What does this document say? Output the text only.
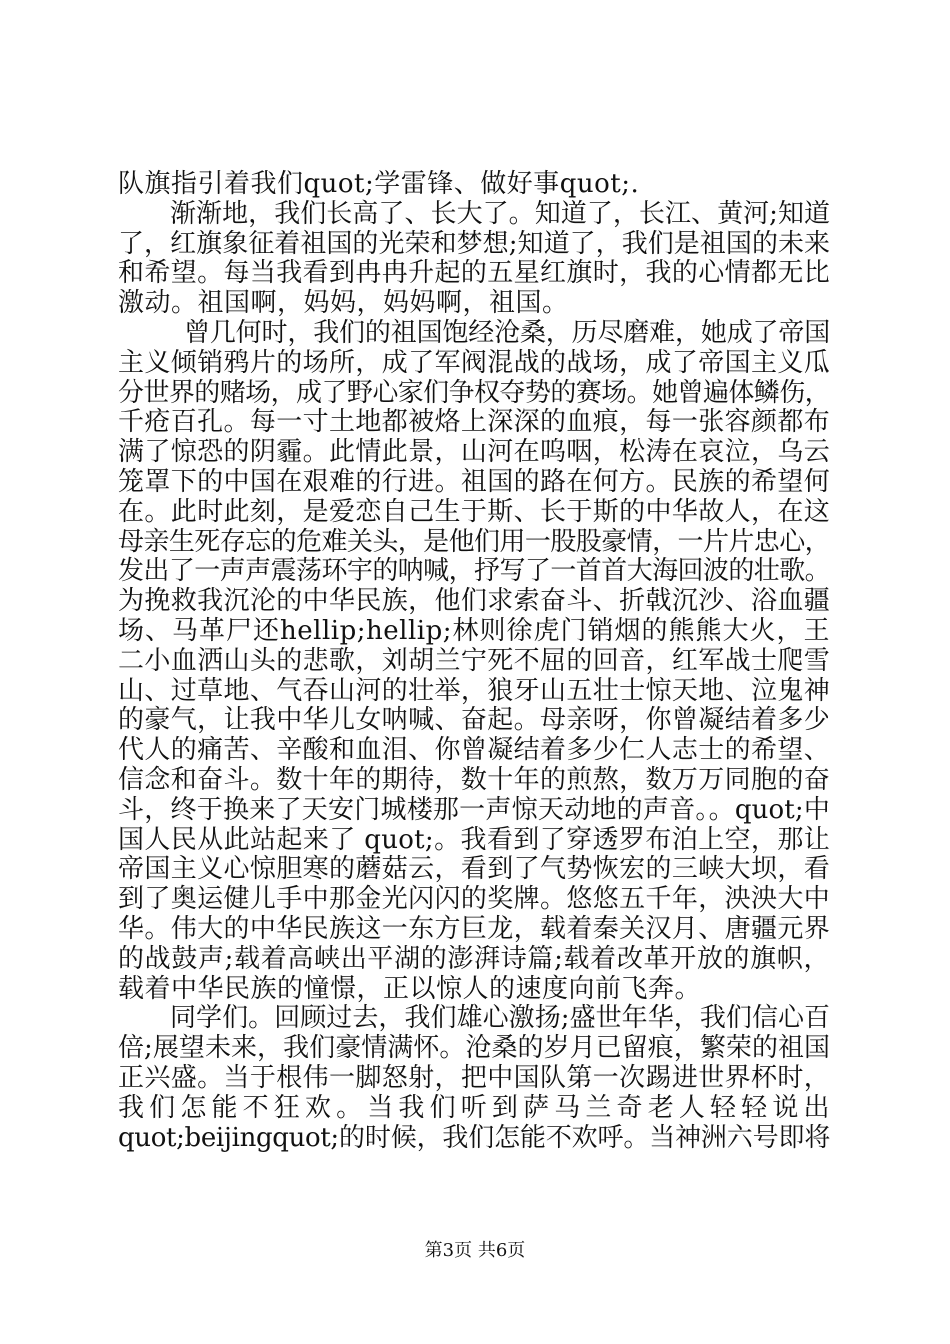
队旗指引着我们quot;学雷锋、做好事quot;.
渐渐地，我们长高了、长大了。知道了，长江、黄河;知道
了，红旗象征着祖国的光荣和梦想;知道了，我们是祖国的未来
和希望。每当我看到冉冉升起的五星红旗时，我的心情都无比
激动。祖国啊，妈妈，妈妈啊，祖国。
曾几何时，我们的祖国饱经沧桑，历尽磨难，她成了帝国
主义倾销鸦片的场所，成了军阀混战的战场，成了帝国主义瓜
分世界的赌场，成了野心家们争权夺势的赛场。她曾遍体鳞伤，
千疮百孔。每一寸土地都被烙上深深的血痕，每一张容颜都布
满了惊恐的阴霾。此情此景，山河在呜咽，松涛在哀泣，乌云
笼罩下的中国在艰难的行进。祖国的路在何方。民族的希望何
在。此时此刻，是爱恋自己生于斯、长于斯的中华故人，在这
母亲生死存忘的危难关头，是他们用一股股豪情，一片片忠心，
发出了一声声震荡环宇的呐喊，抒写了一首首大海回波的壮歌。
为挽救我沉沦的中华民族，他们求索奋斗、折戟沉沙、浴血疆
场、马革尸还hellip;hellip;林则徐虎门销烟的熊熊大火，王
二小血洒山头的悲歌，刘胡兰宁死不屈的回音，红军战士爬雪
山、过草地、气吞山河的壮举，狼牙山五壮士惊天地、泣鬼神
的豪气，让我中华儿女呐喊、奋起。母亲呀，你曾凝结着多少
代人的痛苦、辛酸和血泪、你曾凝结着多少仁人志士的希望、
信念和奋斗。数十年的期待，数十年的煎熬，数万万同胞的奋
斗，终于换来了天安门城楼那一声惊天动地的声音。。quot;中
国人民从此站起来了 quot;。我看到了穿透罗布泊上空，那让
帝国主义心惊胆寒的蘑菇云，看到了气势恢宏的三峡大坝，看
到了奥运健儿手中那金光闪闪的奖牌。悠悠五千年，泱泱大中
华。伟大的中华民族这一东方巨龙，载着秦关汉月、唐疆元界
的战鼓声;载着高峡出平湖的澎湃诗篇;载着改革开放的旗帜，
载着中华民族的憧憬，正以惊人的速度向前飞奔。
同学们。回顾过去，我们雄心激扬;盛世年华，我们信心百
倍;展望未来，我们豪情满怀。沧桑的岁月已留痕，繁荣的祖国
正兴盛。当于根伟一脚怒射，把中国队第一次踢进世界杯时，
我们怎能不狂欢。当我们听到萨马兰奇老人轻轻说出
quot;beijingquot;的时候，我们怎能不欢呼。当神洲六号即将
第3页 共6页
